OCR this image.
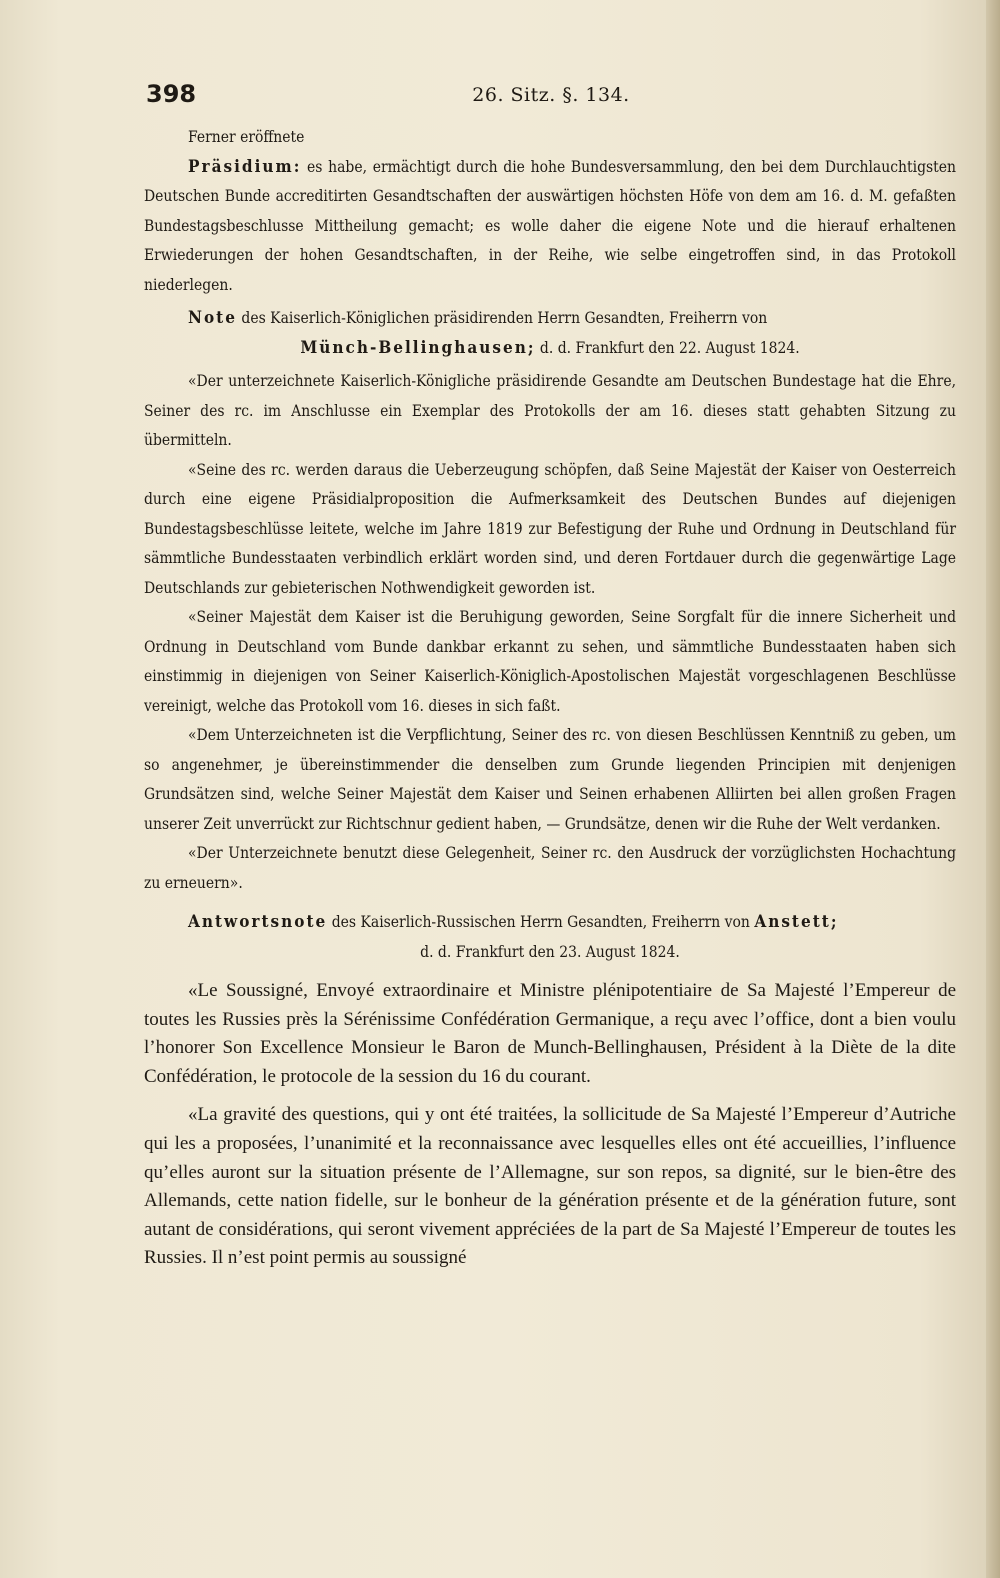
398	26. Sitz. §. 134.

Ferner eröffnete

Präsidium: es habe, ermächtigt durch die hohe Bundesversammlung, den bei dem Durchlauchtigsten Deutschen Bunde accreditirten Gesandtschaften der auswärtigen höchsten Höfe von dem am 16. d. M. gefaßten Bundestagsbeschlusse Mittheilung gemacht; es wolle daher die eigene Note und die hierauf erhaltenen Erwiederungen der hohen Gesandtschaften, in der Reihe, wie selbe eingetroffen sind, in das Protokoll niederlegen.

Note des Kaiserlich-Königlichen präsidirenden Herrn Gesandten, Freiherrn von

Münch-Bellinghausen; d. d. Frankfurt den 22. August 1824.

«Der unterzeichnete Kaiserlich-Königliche präsidirende Gesandte am Deutschen Bundestage hat die Ehre, Seiner des rc. im Anschlusse ein Exemplar des Protokolls der am 16. dieses statt gehabten Sitzung zu übermitteln.

«Seine des rc. werden daraus die Ueberzeugung schöpfen, daß Seine Majestät der Kaiser von Oesterreich durch eine eigene Präsidialproposition die Aufmerksamkeit des Deutschen Bundes auf diejenigen Bundestagsbeschlüsse leitete, welche im Jahre 1819 zur Befestigung der Ruhe und Ordnung in Deutschland für sämmtliche Bundesstaaten verbindlich erklärt worden sind, und deren Fortdauer durch die gegenwärtige Lage Deutschlands zur gebieterischen Nothwendigkeit geworden ist.

«Seiner Majestät dem Kaiser ist die Beruhigung geworden, Seine Sorgfalt für die innere Sicherheit und Ordnung in Deutschland vom Bunde dankbar erkannt zu sehen, und sämmtliche Bundesstaaten haben sich einstimmig in diejenigen von Seiner Kaiserlich-Königlich-Apostolischen Majestät vorgeschlagenen Beschlüsse vereinigt, welche das Protokoll vom 16. dieses in sich faßt.

«Dem Unterzeichneten ist die Verpflichtung, Seiner des rc. von diesen Beschlüssen Kenntniß zu geben, um so angenehmer, je übereinstimmender die denselben zum Grunde liegenden Principien mit denjenigen Grundsätzen sind, welche Seiner Majestät dem Kaiser und Seinen erhabenen Alliirten bei allen großen Fragen unserer Zeit unverrückt zur Richtschnur gedient haben, — Grundsätze, denen wir die Ruhe der Welt verdanken.

«Der Unterzeichnete benutzt diese Gelegenheit, Seiner rc. den Ausdruck der vorzüglichsten Hochachtung zu erneuern».

Antwortsnote des Kaiserlich-Russischen Herrn Gesandten, Freiherrn von Anstett;

d. d. Frankfurt den 23. August 1824.

«Le Soussigné, Envoyé extraordinaire et Ministre plénipotentiaire de Sa Majesté l’Empereur de toutes les Russies près la Sérénissime Confédération Germanique, a reçu avec l’office, dont a bien voulu l’honorer Son Excellence Monsieur le Baron de Munch-Bellinghausen, Président à la Diète de la dite Confédération, le protocole de la session du 16 du courant.

«La gravité des questions, qui y ont été traitées, la sollicitude de Sa Majesté l’Empereur d’Autriche qui les a proposées, l’unanimité et la reconnaissance avec lesquelles elles ont été accueillies, l’influence qu’elles auront sur la situation présente de l’Allemagne, sur son repos, sa dignité, sur le bien-être des Allemands, cette nation fidelle, sur le bonheur de la génération présente et de la génération future, sont autant de considérations, qui seront vivement appréciées de la part de Sa Majesté l’Empereur de toutes les Russies. Il n’est point permis au soussigné
